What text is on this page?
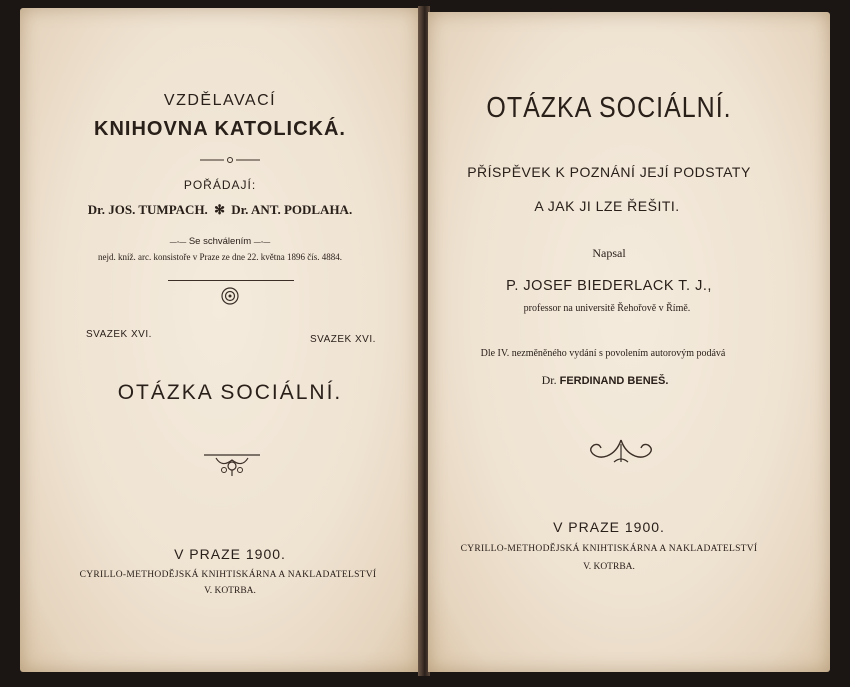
VZDĚLAVACÍ
KNIHOVNA KATOLICKÁ.
POŘÁDAJÍ:
Dr. JOS. TUMPACH. ✻ Dr. ANT. PODLAHA.
—◦— Se schválením —◦—
nejd. kníž. arc. konsistoře v Praze ze dne 22. května 1896 čís. 4884.
SVAZEK XVI.	SVAZEK XVI.
OTÁZKA SOCIÁLNÍ.
V PRAZE 1900.
CYRILLO-METHODĚJSKÁ KNIHTISKÁRNA A NAKLADATELSTVÍ
V. KOTRBA.
OTÁZKA SOCIÁLNÍ.
PŘÍSPĚVEK K POZNÁNÍ JEJÍ PODSTATY
A JAK JI LZE ŘEŠITI.
Napsal
P. JOSEF BIEDERLACK T. J.,
professor na universitě Řehořově v Římě.
Dle IV. nezměněného vydání s povolením autorovým podává
Dr. FERDINAND BENEŠ.
V PRAZE 1900.
CYRILLO-METHODĚJSKÁ KNIHTISKÁRNA A NAKLADATELSTVÍ
V. KOTRBA.
